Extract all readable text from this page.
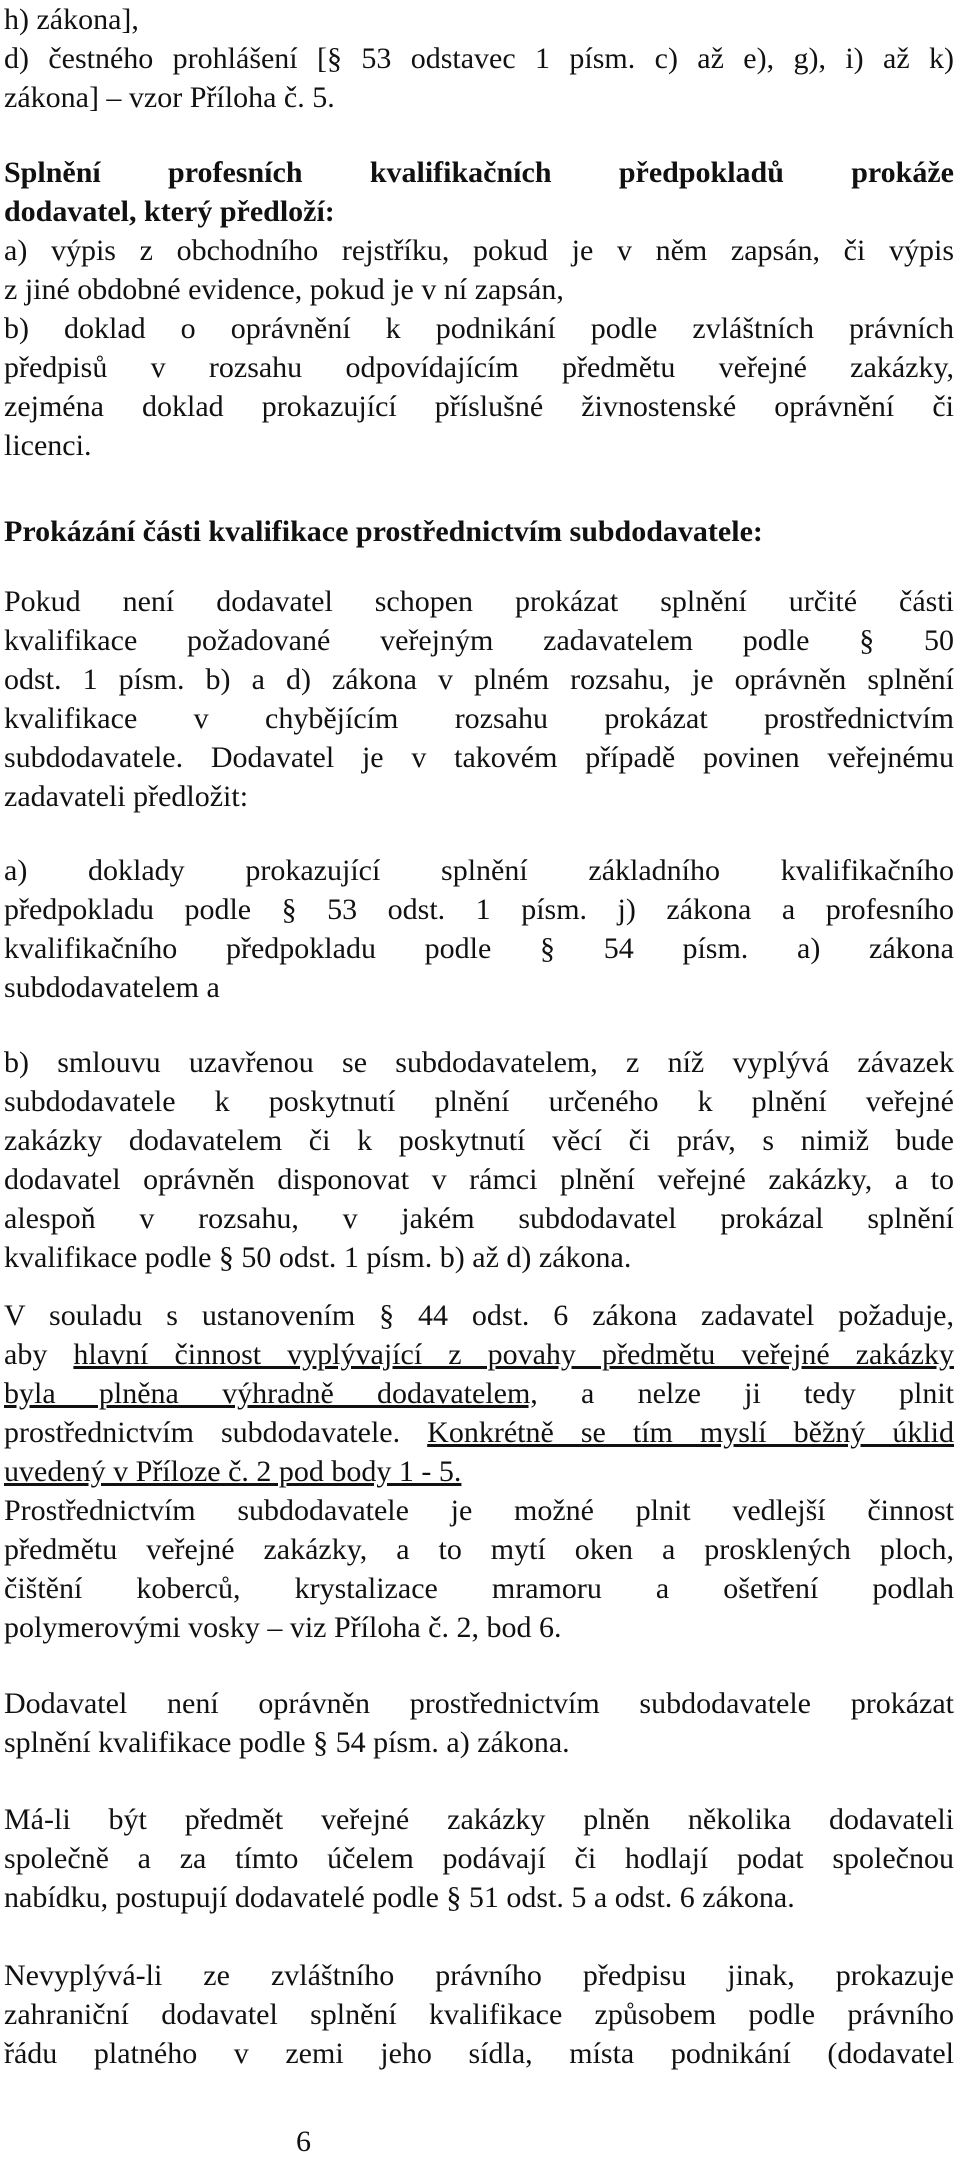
h) zákona],
d) čestného prohlášení [§ 53 odstavec 1 písm. c) až e), g), i) až k)
zákona] – vzor Příloha č. 5.
Splnění profesních kvalifikačních předpokladů prokáže
dodavatel, který předloží:
a) výpis z obchodního rejstříku, pokud je v něm zapsán, či výpis
z jiné obdobné evidence, pokud je v ní zapsán,
b) doklad o oprávnění k podnikání podle zvláštních právních
předpisů v rozsahu odpovídajícím předmětu veřejné zakázky,
zejména doklad prokazující příslušné živnostenské oprávnění či
licenci.
Prokázání části kvalifikace prostřednictvím subdodavatele:
Pokud není dodavatel schopen prokázat splnění určité části
kvalifikace požadované veřejným zadavatelem podle § 50
odst. 1 písm. b) a d) zákona v plném rozsahu, je oprávněn splnění
kvalifikace v chybějícím rozsahu prokázat prostřednictvím
subdodavatele. Dodavatel je v takovém případě povinen veřejnému
zadavateli předložit:
a) doklady prokazující splnění základního kvalifikačního
předpokladu podle § 53 odst. 1 písm. j) zákona a profesního
kvalifikačního předpokladu podle § 54 písm. a) zákona
subdodavatelem a
b) smlouvu uzavřenou se subdodavatelem, z níž vyplývá závazek
subdodavatele k poskytnutí plnění určeného k plnění veřejné
zakázky dodavatelem či k poskytnutí věcí či práv, s nimiž bude
dodavatel oprávněn disponovat v rámci plnění veřejné zakázky, a to
alespoň v rozsahu, v jakém subdodavatel prokázal splnění
kvalifikace podle § 50 odst. 1 písm. b) až d) zákona.
V souladu s ustanovením § 44 odst. 6 zákona zadavatel požaduje,
aby hlavní činnost vyplývající z povahy předmětu veřejné zakázky
byla plněna výhradně dodavatelem, a nelze ji tedy plnit
prostřednictvím subdodavatele. Konkrétně se tím myslí běžný úklid
uvedený v Příloze č. 2 pod body 1 - 5.
Prostřednictvím subdodavatele je možné plnit vedlejší činnost
předmětu veřejné zakázky, a to mytí oken a prosklených ploch,
čištění koberců, krystalizace mramoru a ošetření podlah
polymerovými vosky – viz Příloha č. 2, bod 6.
Dodavatel není oprávněn prostřednictvím subdodavatele prokázat
splnění kvalifikace podle § 54 písm. a) zákona.
Má-li být předmět veřejné zakázky plněn několika dodavateli
společně a za tímto účelem podávají či hodlají podat společnou
nabídku, postupují dodavatelé podle § 51 odst. 5 a odst. 6 zákona.
Nevyplývá-li ze zvláštního právního předpisu jinak, prokazuje
zahraniční dodavatel splnění kvalifikace způsobem podle právního
řádu platného v zemi jeho sídla, místa podnikání (dodavatel
6
